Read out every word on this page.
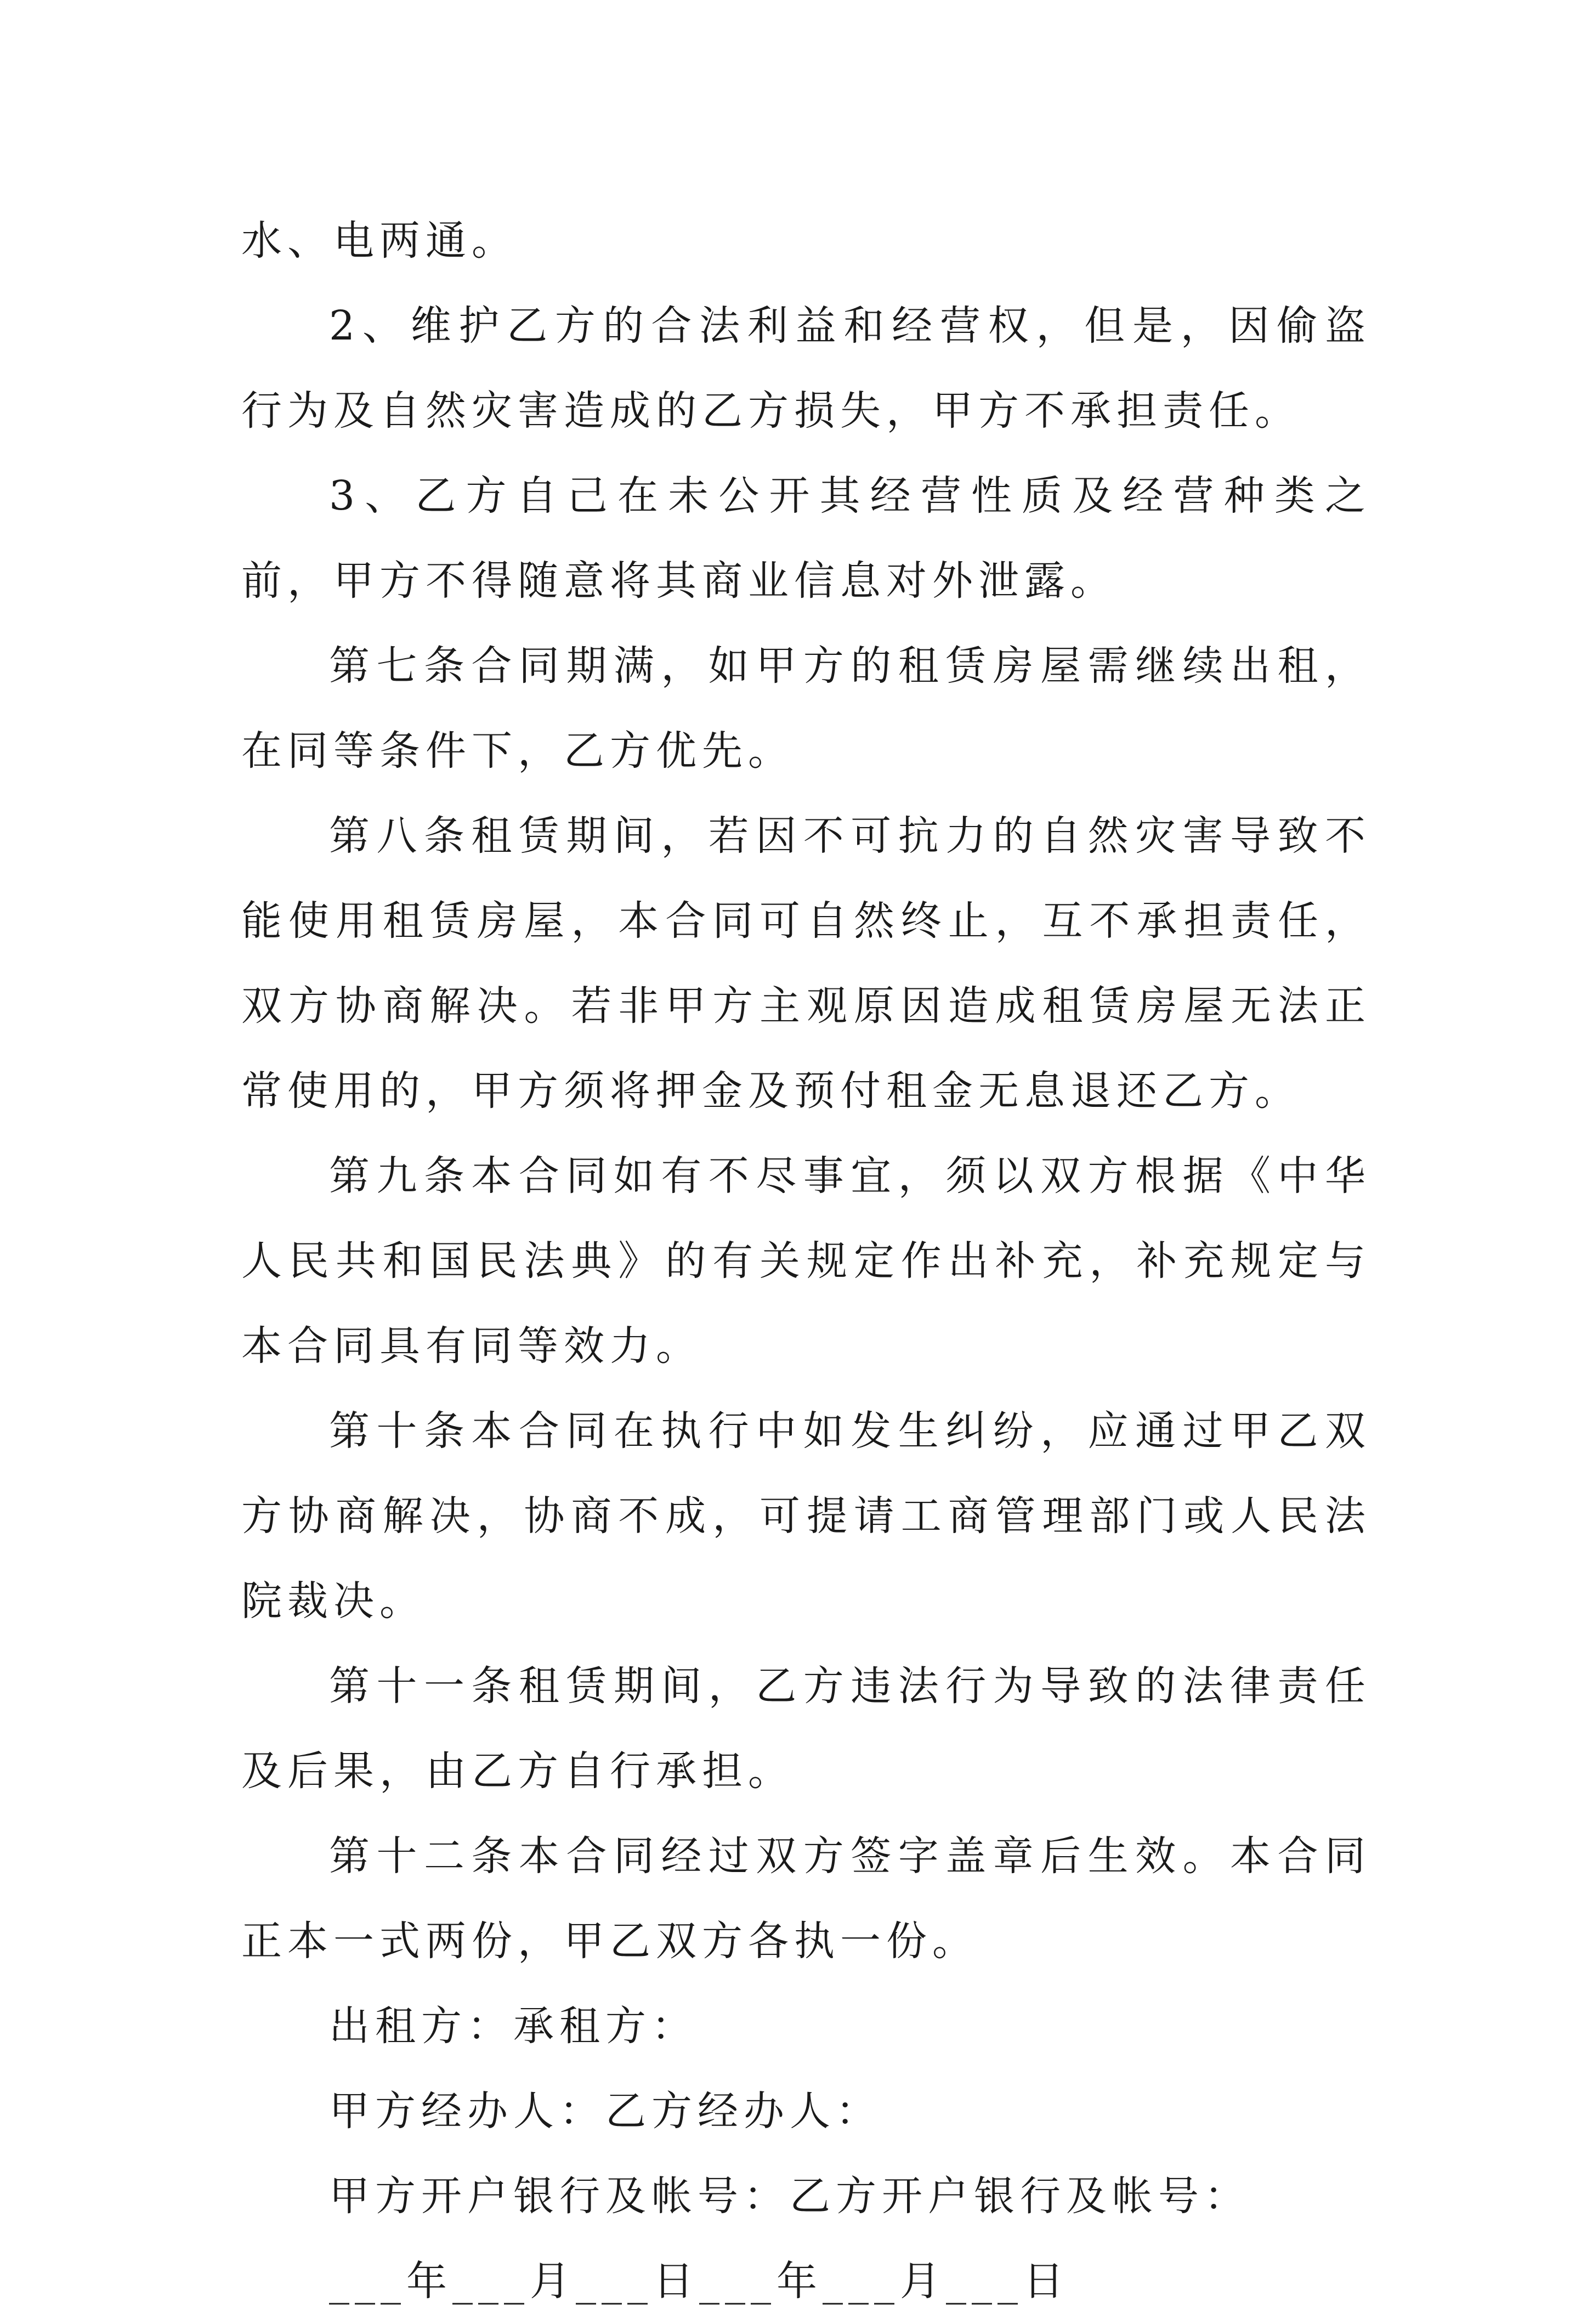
水、电两通。

2、维护乙方的合法利益和经营权，但是，因偷盗行为及自然灾害造成的乙方损失，甲方不承担责任。

3、乙方自己在未公开其经营性质及经营种类之前，甲方不得随意将其商业信息对外泄露。

第七条合同期满，如甲方的租赁房屋需继续出租，在同等条件下，乙方优先。

第八条租赁期间，若因不可抗力的自然灾害导致不能使用租赁房屋，本合同可自然终止，互不承担责任，双方协商解决。若非甲方主观原因造成租赁房屋无法正常使用的，甲方须将押金及预付租金无息退还乙方。

第九条本合同如有不尽事宜，须以双方根据《中华人民共和国民法典》的有关规定作出补充，补充规定与本合同具有同等效力。

第十条本合同在执行中如发生纠纷，应通过甲乙双方协商解决，协商不成，可提请工商管理部门或人民法院裁决。

第十一条租赁期间，乙方违法行为导致的法律责任及后果，由乙方自行承担。

第十二条本合同经过双方签字盖章后生效。本合同正本一式两份，甲乙双方各执一份。

出租方：承租方：

甲方经办人：乙方经办人：

甲方开户银行及帐号：乙方开户银行及帐号：

___年___月___日___年___月___日
